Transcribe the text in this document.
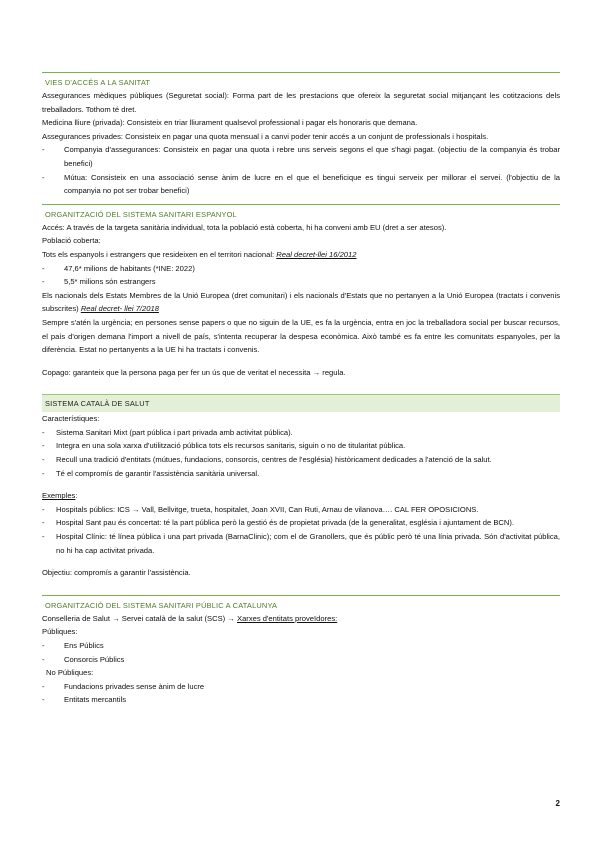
VIES D'ACCÉS A LA SANITAT

Assegurances mèdiques públiques (Seguretat social): Forma part de les prestacions que ofereix la seguretat social mitjançant les cotitzacions dels treballadors. Tothom té dret.

Medicina lliure (privada): Consisteix en triar lliurament qualsevol professional i pagar els honoraris que demana.

Assegurances privades: Consisteix en pagar una quota mensual i a canvi poder tenir accés a un conjunt de professionals i hospitals.

- Companyia d'assegurances: Consisteix en pagar una quota i rebre uns serveis segons el que s'hagi pagat. (objectiu de la companyia és trobar benefici)
- Mútua: Consisteix en una associació sense ànim de lucre en el que el beneficique es tingui serveix per millorar el servei. (l'objectiu de la companyia no pot ser trobar benefici)
ORGANITZACIÓ DEL SISTEMA SANITARI ESPANYOL

Accés: A través de la targeta sanitària individual, tota la població està coberta, hi ha conveni amb EU (dret a ser atesos).

Població coberta:

Tots els espanyols i estrangers que resideixen en el territori nacional: Real decret-llei 16/2012

- 47,6* milions de habitants (*INE: 2022)
- 5,5* milions són estrangers

Els nacionals dels Estats Membres de la Unió Europea (dret comunitari) i els nacionals d'Estats que no pertanyen a la Unió Europea (tractats i convenis subscrites) Real decret- llei 7/2018

Sempre s'atén la urgència; en persones sense papers o que no siguin de la UE, es fa la urgència, entra en joc la treballadora social per buscar recursos, el país d'origen demana l'import a nivell de país, s'intenta recuperar la despesa econòmica. Això també es fa entre les comunitats espanyoles, per la diferència. Estat no pertanyents a la UE hi ha tractats i convenis.

Copago: garanteix que la persona paga per fer un ús que de veritat el necessita → regula.

SISTEMA CATALÀ DE SALUT

Característiques:

- Sistema Sanitari Mixt (part pública i part privada amb activitat pública).
- Integra en una sola xarxa d'utilització pública tots els recursos sanitaris, siguin o no de titularitat pública.
- Recull una tradició d'entitats (mútues, fundacions, consorcis, centres de l'església) històricament dedicades a l'atenció de la salut.
- Té el compromís de garantir l'assistència sanitària universal.

Exemples:

- Hospitals públics: ICS → Vall, Bellvitge, trueta, hospitalet, Joan XVII, Can Ruti, Arnau de vilanova…. CAL FER OPOSICIONS.
- Hospital Sant pau és concertat: té la part pública però la gestió és de propietat privada (de la generalitat, església i ajuntament de BCN).
- Hospital Clínic: té línea pública i una part privada (BarnaClinic); com el de Granollers, que és públic però té una línia privada. Són d'activitat pública, no hi ha cap activitat privada.

Objectiu: compromís a garantir l'assistència.

ORGANITZACIÓ DEL SISTEMA SANITARI PÚBLIC A CATALUNYA

Conselleria de Salut → Servei català de la salut (SCS) → Xarxes d'entitats proveïdores:

Públiques:

- Ens Públics
- Consorcis Públics

No Públiques:

- Fundacions privades sense ànim de lucre
- Entitats mercantils
2
